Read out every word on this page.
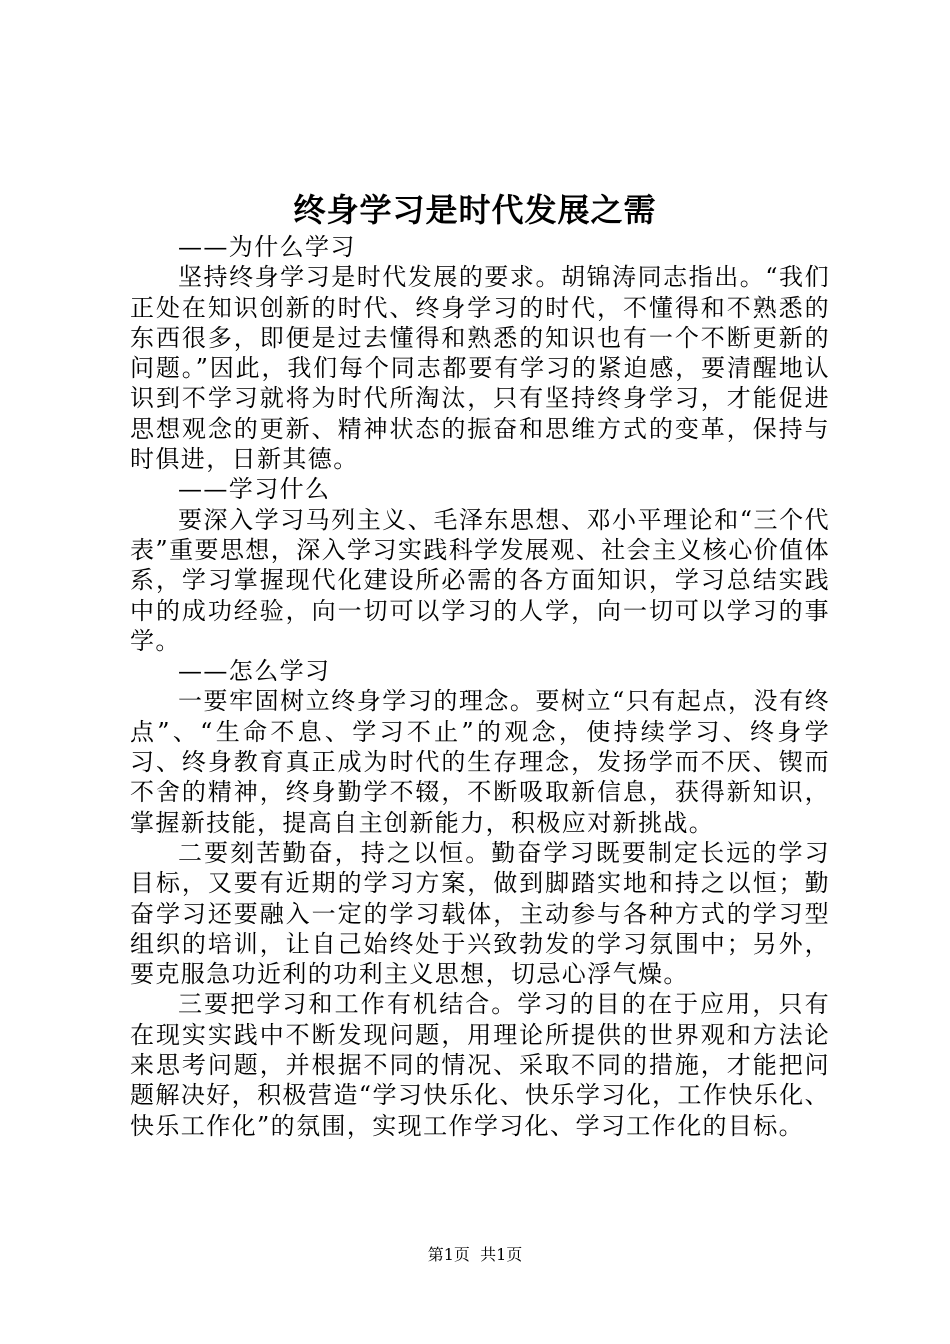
终身学习是时代发展之需

——为什么学习

坚持终身学习是时代发展的要求。胡锦涛同志指出。“我们正处在知识创新的时代、终身学习的时代，不懂得和不熟悉的东西很多，即便是过去懂得和熟悉的知识也有一个不断更新的问题。”因此，我们每个同志都要有学习的紧迫感，要清醒地认识到不学习就将为时代所淘汰，只有坚持终身学习，才能促进思想观念的更新、精神状态的振奋和思维方式的变革，保持与时俱进，日新其德。

——学习什么

要深入学习马列主义、毛泽东思想、邓小平理论和“三个代表”重要思想，深入学习实践科学发展观、社会主义核心价值体系，学习掌握现代化建设所必需的各方面知识，学习总结实践中的成功经验，向一切可以学习的人学，向一切可以学习的事学。

——怎么学习

一要牢固树立终身学习的理念。要树立“只有起点，没有终点”、“生命不息、学习不止”的观念，使持续学习、终身学习、终身教育真正成为时代的生存理念，发扬学而不厌、锲而不舍的精神，终身勤学不辍，不断吸取新信息，获得新知识，掌握新技能，提高自主创新能力，积极应对新挑战。

二要刻苦勤奋，持之以恒。勤奋学习既要制定长远的学习目标，又要有近期的学习方案，做到脚踏实地和持之以恒；勤奋学习还要融入一定的学习载体，主动参与各种方式的学习型组织的培训，让自己始终处于兴致勃发的学习氛围中；另外，要克服急功近利的功利主义思想，切忌心浮气燥。

三要把学习和工作有机结合。学习的目的在于应用，只有在现实实践中不断发现问题，用理论所提供的世界观和方法论来思考问题，并根据不同的情况、采取不同的措施，才能把问题解决好，积极营造“学习快乐化、快乐学习化，工作快乐化、快乐工作化”的氛围，实现工作学习化、学习工作化的目标。

第1页 共1页
